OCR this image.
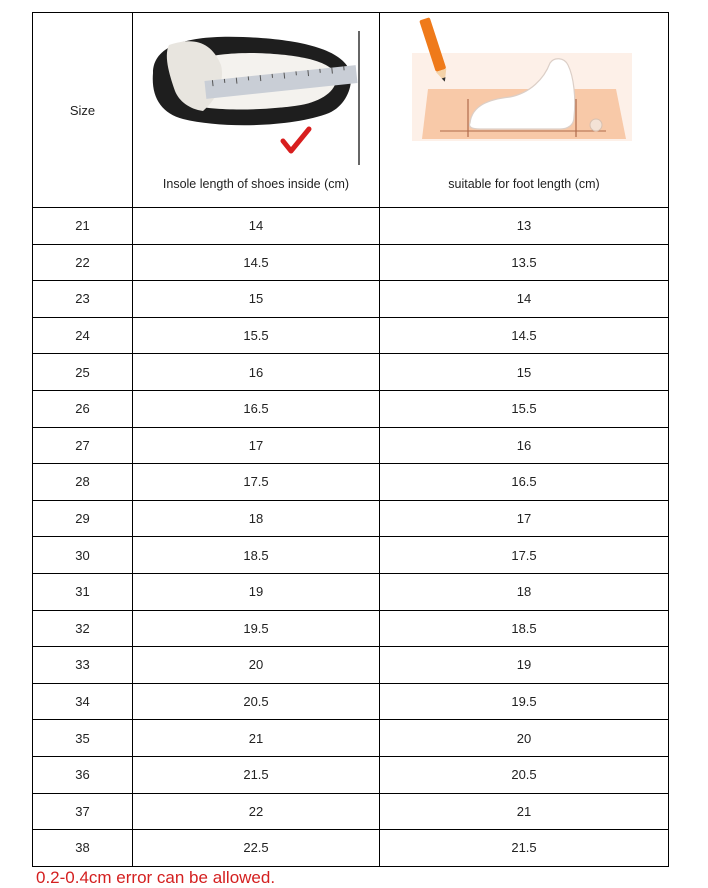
Size	Insole length of shoes inside (cm)	suitable for foot length (cm)

21	14	13
22	14.5	13.5
23	15	14
24	15.5	14.5
25	16	15
26	16.5	15.5
27	17	16
28	17.5	16.5
29	18	17
30	18.5	17.5
31	19	18
32	19.5	18.5
33	20	19
34	20.5	19.5
35	21	20
36	21.5	20.5
37	22	21
38	22.5	21.5
0.2-0.4cm error can be allowed.
